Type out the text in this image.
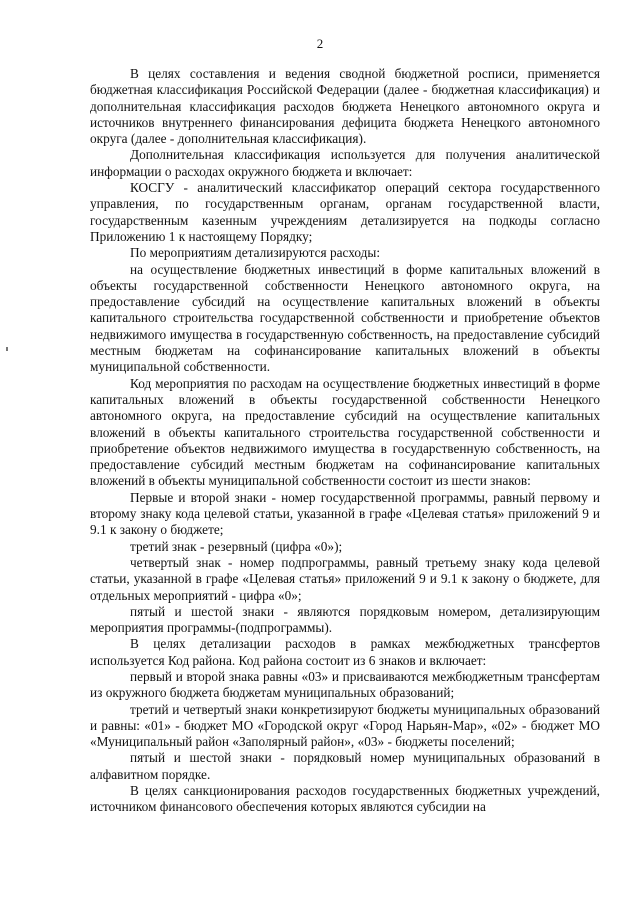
2

В целях составления и ведения сводной бюджетной росписи, применяется бюджетная классификация Российской Федерации (далее - бюджетная классификация) и дополнительная классификация расходов бюджета Ненецкого автономного округа и источников внутреннего финансирования дефицита бюджета Ненецкого автономного округа (далее - дополнительная классификация).

Дополнительная классификация используется для получения аналитической информации о расходах окружного бюджета и включает:

КОСГУ - аналитический классификатор операций сектора государственного управления, по государственным органам, органам государственной власти, государственным казенным учреждениям детализируется на подкоды согласно Приложению 1 к настоящему Порядку;

По мероприятиям детализируются расходы:

на осуществление бюджетных инвестиций в форме капитальных вложений в объекты государственной собственности Ненецкого автономного округа, на предоставление субсидий на осуществление капитальных вложений в объекты капитального строительства государственной собственности и приобретение объектов недвижимого имущества в государственную собственность, на предоставление субсидий местным бюджетам на софинансирование капитальных вложений в объекты муниципальной собственности.

Код мероприятия по расходам на осуществление бюджетных инвестиций в форме капитальных вложений в объекты государственной собственности Ненецкого автономного округа, на предоставление субсидий на осуществление капитальных вложений в объекты капитального строительства государственной собственности и приобретение объектов недвижимого имущества в государственную собственность, на предоставление субсидий местным бюджетам на софинансирование капитальных вложений в объекты муниципальной собственности состоит из шести знаков:

Первые и второй знаки - номер государственной программы, равный первому и второму знаку кода целевой статьи, указанной в графе «Целевая статья» приложений 9 и 9.1 к закону о бюджете;

третий знак - резервный (цифра «0»);

четвертый знак - номер подпрограммы, равный третьему знаку кода целевой статьи, указанной в графе «Целевая статья» приложений 9 и 9.1 к закону о бюджете, для отдельных мероприятий - цифра «0»;

пятый и шестой знаки - являются порядковым номером, детализирующим мероприятия программы-(подпрограммы).

В целях детализации расходов в рамках межбюджетных трансфертов используется Код района. Код района состоит из 6 знаков и включает:

первый и второй знака равны «03» и присваиваются межбюджетным трансфертам из окружного бюджета бюджетам муниципальных образований;

третий и четвертый знаки конкретизируют бюджеты муниципальных образований и равны: «01» - бюджет МО «Городской округ «Город Нарьян-Мар», «02» - бюджет МО «Муниципальный район «Заполярный район», «03» - бюджеты поселений;

пятый и шестой знаки - порядковый номер муниципальных образований в алфавитном порядке.

В целях санкционирования расходов государственных бюджетных учреждений, источником финансового обеспечения которых являются субсидии на
